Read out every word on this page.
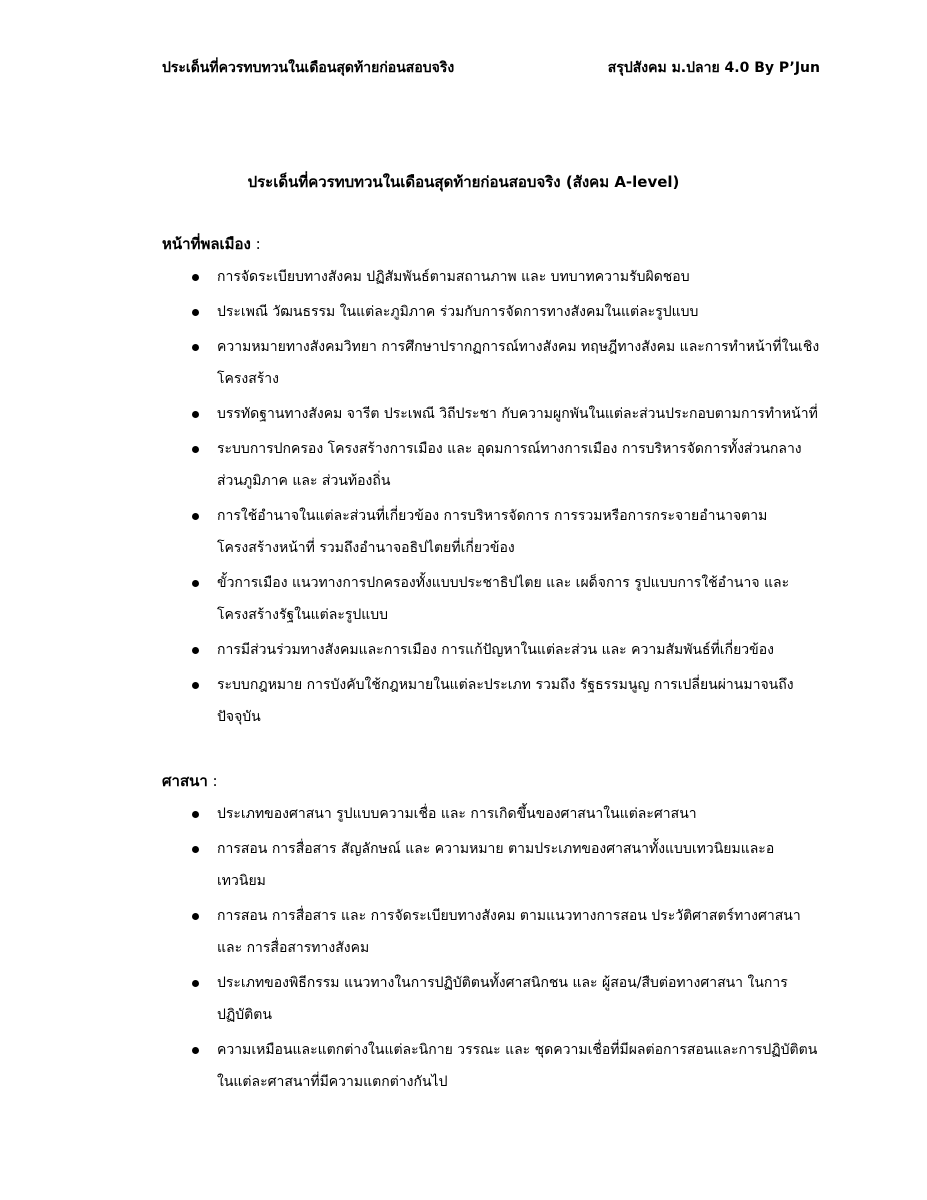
ประเด็นที่ควรทบทวนในเดือนสุดท้ายก่อนสอบจริง	สรุปสังคม ม.ปลาย 4.0 By P’Jun
ประเด็นที่ควรทบทวนในเดือนสุดท้ายก่อนสอบจริง (สังคม A-level)
หน้าที่พลเมือง :
การจัดระเบียบทางสังคม ปฏิสัมพันธ์ตามสถานภาพ และ บทบาทความรับผิดชอบ
ประเพณี วัฒนธรรม ในแต่ละภูมิภาค ร่วมกับการจัดการทางสังคมในแต่ละรูปแบบ
ความหมายทางสังคมวิทยา การศึกษาปรากฏการณ์ทางสังคม ทฤษฎีทางสังคม และการทำหน้าที่ในเชิงโครงสร้าง
บรรทัดฐานทางสังคม จารีต ประเพณี วิถีประชา กับความผูกพันในแต่ละส่วนประกอบตามการทำหน้าที่
ระบบการปกครอง โครงสร้างการเมือง และ อุดมการณ์ทางการเมือง การบริหารจัดการทั้งส่วนกลาง ส่วนภูมิภาค และ ส่วนท้องถิ่น
การใช้อำนาจในแต่ละส่วนที่เกี่ยวข้อง การบริหารจัดการ การรวมหรือการกระจายอำนาจตามโครงสร้างหน้าที่ รวมถึงอำนาจอธิปไตยที่เกี่ยวข้อง
ขั้วการเมือง แนวทางการปกครองทั้งแบบประชาธิปไตย และ เผด็จการ รูปแบบการใช้อำนาจ และ โครงสร้างรัฐในแต่ละรูปแบบ
การมีส่วนร่วมทางสังคมและการเมือง การแก้ปัญหาในแต่ละส่วน และ ความสัมพันธ์ที่เกี่ยวข้อง
ระบบกฎหมาย การบังคับใช้กฎหมายในแต่ละประเภท รวมถึง รัฐธรรมนูญ การเปลี่ยนผ่านมาจนถึงปัจจุบัน
ศาสนา :
ประเภทของศาสนา รูปแบบความเชื่อ และ การเกิดขึ้นของศาสนาในแต่ละศาสนา
การสอน การสื่อสาร สัญลักษณ์ และ ความหมาย ตามประเภทของศาสนาทั้งแบบเทวนิยมและอเทวนิยม
การสอน การสื่อสาร และ การจัดระเบียบทางสังคม ตามแนวทางการสอน ประวัติศาสตร์ทางศาสนา และ การสื่อสารทางสังคม
ประเภทของพิธีกรรม แนวทางในการปฏิบัติตนทั้งศาสนิกชน และ ผู้สอน/สืบต่อทางศาสนา ในการปฏิบัติตน
ความเหมือนและแตกต่างในแต่ละนิกาย วรรณะ และ ชุดความเชื่อที่มีผลต่อการสอนและการปฏิบัติตนในแต่ละศาสนาที่มีความแตกต่างกันไป
